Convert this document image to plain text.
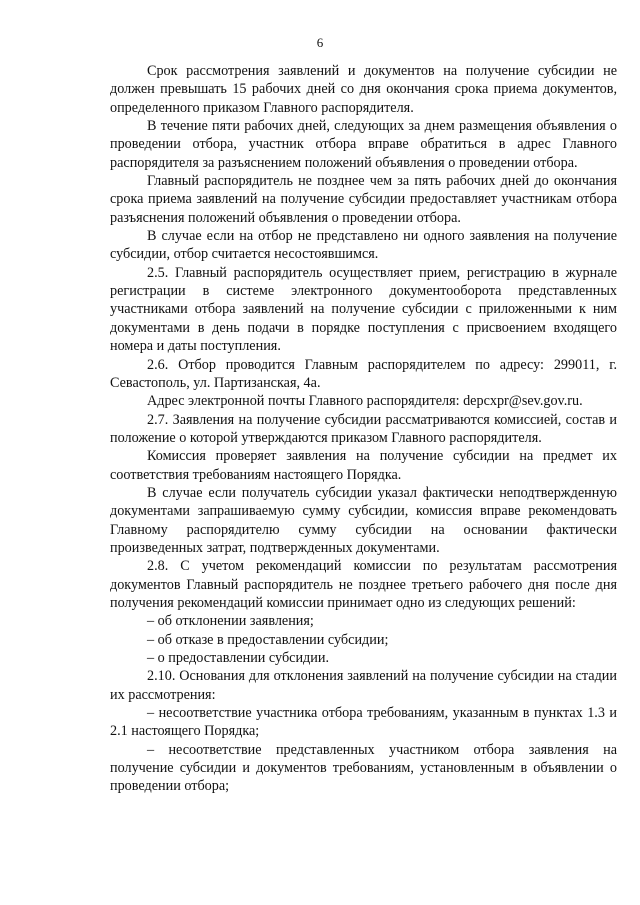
6

Срок рассмотрения заявлений и документов на получение субсидии не должен превышать 15 рабочих дней со дня окончания срока приема документов, определенного приказом Главного распорядителя.

В течение пяти рабочих дней, следующих за днем размещения объявления о проведении отбора, участник отбора вправе обратиться в адрес Главного распорядителя за разъяснением положений объявления о проведении отбора.

Главный распорядитель не позднее чем за пять рабочих дней до окончания срока приема заявлений на получение субсидии предоставляет участникам отбора разъяснения положений объявления о проведении отбора.

В случае если на отбор не представлено ни одного заявления на получение субсидии, отбор считается несостоявшимся.

2.5. Главный распорядитель осуществляет прием, регистрацию в журнале регистрации в системе электронного документооборота представленных участниками отбора заявлений на получение субсидии с приложенными к ним документами в день подачи в порядке поступления с присвоением входящего номера и даты поступления.

2.6. Отбор проводится Главным распорядителем по адресу: 299011, г. Севастополь, ул. Партизанская, 4а.

Адрес электронной почты Главного распорядителя: depcxpr@sev.gov.ru.

2.7. Заявления на получение субсидии рассматриваются комиссией, состав и положение о которой утверждаются приказом Главного распорядителя.

Комиссия проверяет заявления на получение субсидии на предмет их соответствия требованиям настоящего Порядка.

В случае если получатель субсидии указал фактически неподтвержденную документами запрашиваемую сумму субсидии, комиссия вправе рекомендовать Главному распорядителю сумму субсидии на основании фактически произведенных затрат, подтвержденных документами.

2.8. С учетом рекомендаций комиссии по результатам рассмотрения документов Главный распорядитель не позднее третьего рабочего дня после дня получения рекомендаций комиссии принимает одно из следующих решений:

– об отклонении заявления;

– об отказе в предоставлении субсидии;

– о предоставлении субсидии.

2.10. Основания для отклонения заявлений на получение субсидии на стадии их рассмотрения:

– несоответствие участника отбора требованиям, указанным в пунктах 1.3 и 2.1 настоящего Порядка;

– несоответствие представленных участником отбора заявления на получение субсидии и документов требованиям, установленным в объявлении о проведении отбора;
